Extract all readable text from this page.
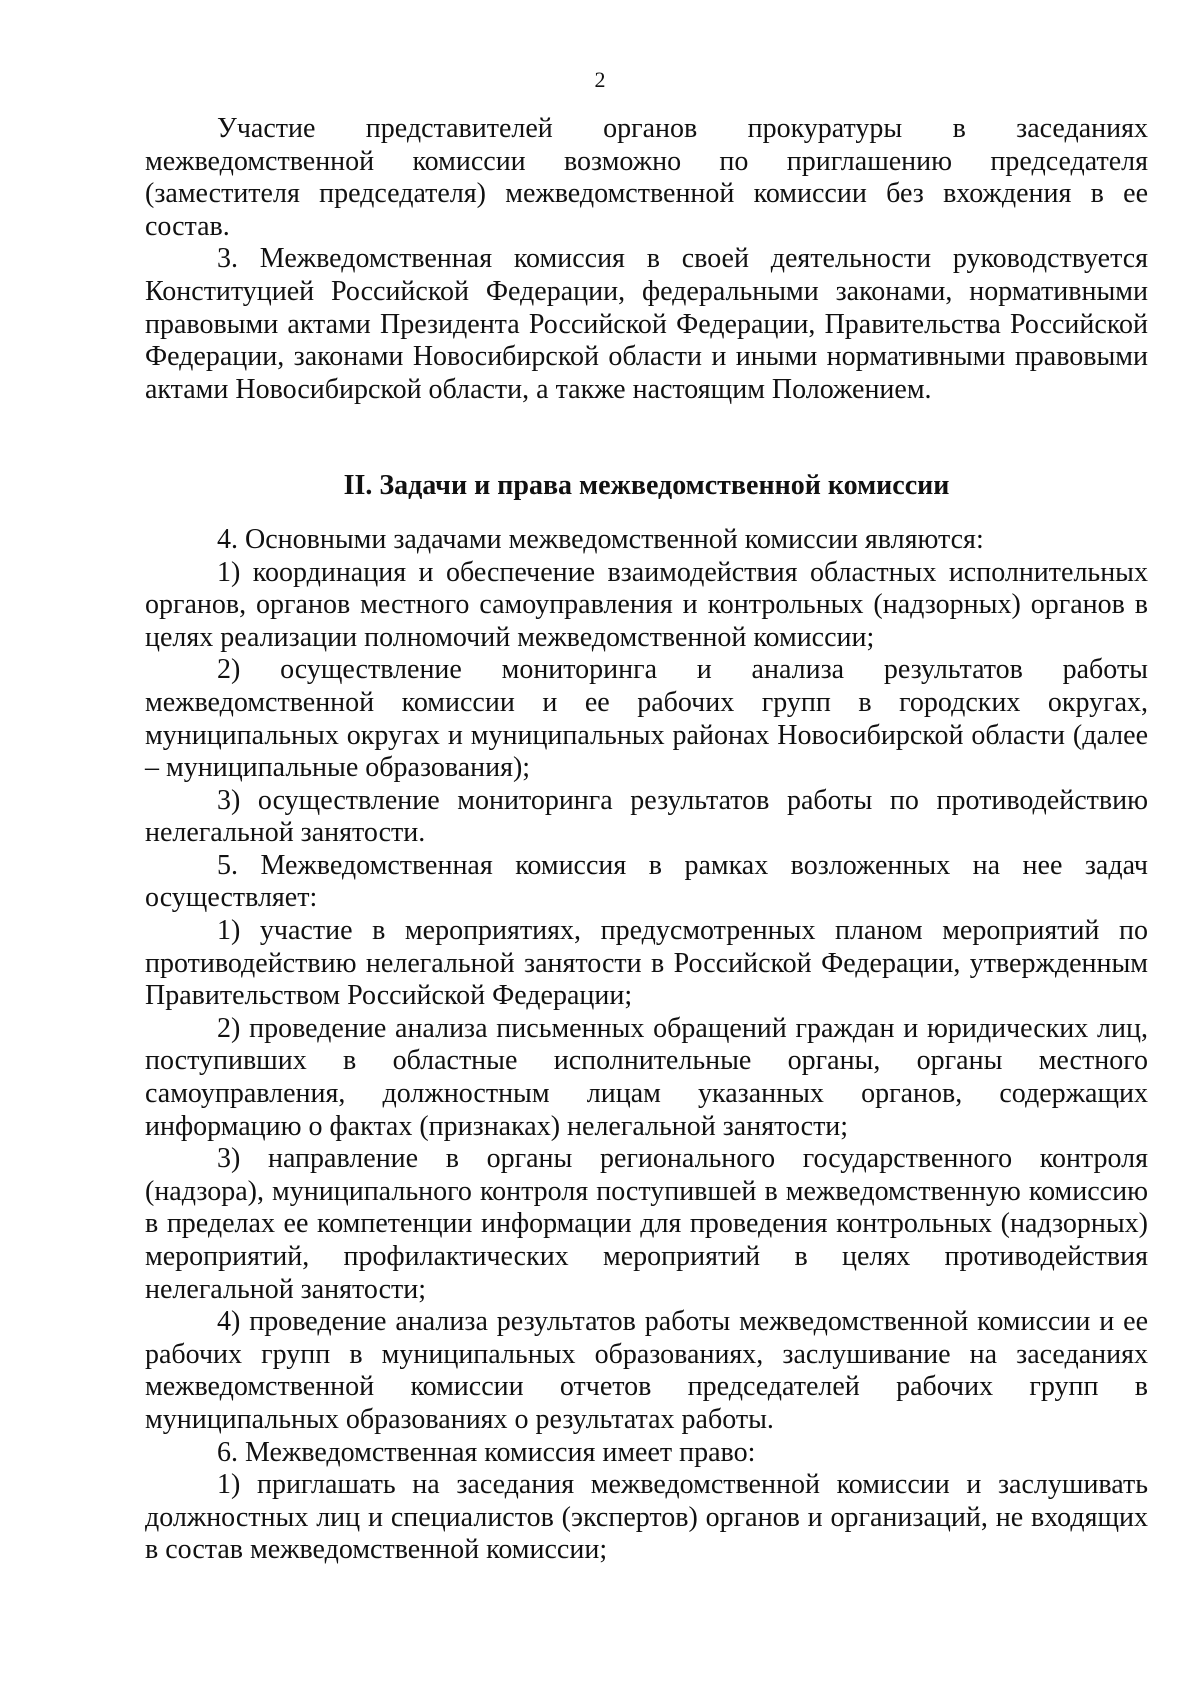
2

Участие представителей органов прокуратуры в заседаниях межведомственной комиссии возможно по приглашению председателя (заместителя председателя) межведомственной комиссии без вхождения в ее состав.

3. Межведомственная комиссия в своей деятельности руководствуется Конституцией Российской Федерации, федеральными законами, нормативными правовыми актами Президента Российской Федерации, Правительства Российской Федерации, законами Новосибирской области и иными нормативными правовыми актами Новосибирской области, а также настоящим Положением.

II. Задачи и права межведомственной комиссии

4. Основными задачами межведомственной комиссии являются:

1) координация и обеспечение взаимодействия областных исполнительных органов, органов местного самоуправления и контрольных (надзорных) органов в целях реализации полномочий межведомственной комиссии;

2) осуществление мониторинга и анализа результатов работы межведомственной комиссии и ее рабочих групп в городских округах, муниципальных округах и муниципальных районах Новосибирской области (далее – муниципальные образования);

3) осуществление мониторинга результатов работы по противодействию нелегальной занятости.

5. Межведомственная комиссия в рамках возложенных на нее задач осуществляет:

1) участие в мероприятиях, предусмотренных планом мероприятий по противодействию нелегальной занятости в Российской Федерации, утвержденным Правительством Российской Федерации;

2) проведение анализа письменных обращений граждан и юридических лиц, поступивших в областные исполнительные органы, органы местного самоуправления, должностным лицам указанных органов, содержащих информацию о фактах (признаках) нелегальной занятости;

3) направление в органы регионального государственного контроля (надзора), муниципального контроля поступившей в межведомственную комиссию в пределах ее компетенции информации для проведения контрольных (надзорных) мероприятий, профилактических мероприятий в целях противодействия нелегальной занятости;

4) проведение анализа результатов работы межведомственной комиссии и ее рабочих групп в муниципальных образованиях, заслушивание на заседаниях межведомственной комиссии отчетов председателей рабочих групп в муниципальных образованиях о результатах работы.

6. Межведомственная комиссия имеет право:

1) приглашать на заседания межведомственной комиссии и заслушивать должностных лиц и специалистов (экспертов) органов и организаций, не входящих в состав межведомственной комиссии;
